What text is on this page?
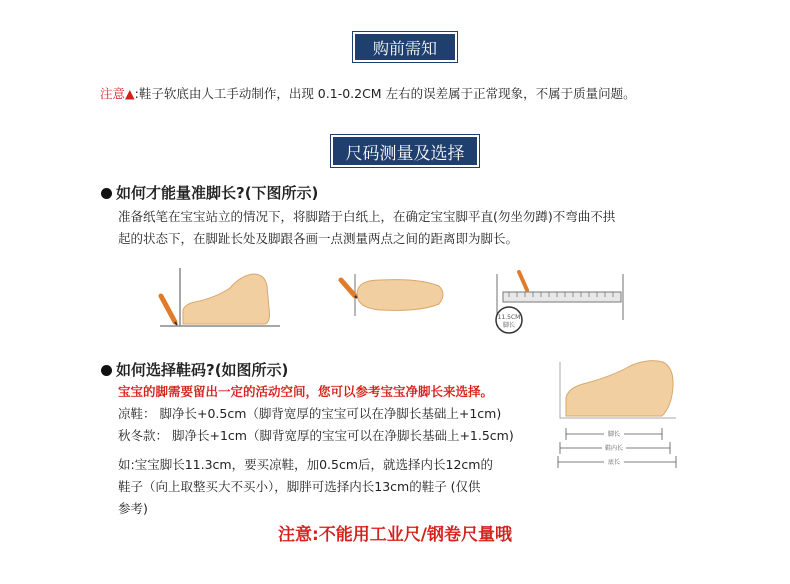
购前需知
注意▲:鞋子软底由人工手动制作，出现 0.1-0.2CM 左右的误差属于正常现象，不属于质量问题。
尺码测量及选择
如何才能量准脚长?(下图所示)
准备纸笔在宝宝站立的情况下，将脚踏于白纸上，在确定宝宝脚平直(勿坐勿蹲)不弯曲不拱
起的状态下，在脚趾长处及脚跟各画一点测量两点之间的距离即为脚长。
11.5CM
脚长
如何选择鞋码?(如图所示)
宝宝的脚需要留出一定的活动空间，您可以参考宝宝净脚长来选择。
凉鞋： 脚净长+0.5cm（脚背宽厚的宝宝可以在净脚长基础上+1cm)
秋冬款： 脚净长+1cm（脚背宽厚的宝宝可以在净脚长基础上+1.5cm)
如:宝宝脚长11.3cm，要买凉鞋，加0.5cm后，就选择内长12cm的
鞋子（向上取整买大不买小），脚胖可选择内长13cm的鞋子 (仅供
参考)
脚长
鞋内长
底长
注意:不能用工业尺/钢卷尺量哦
